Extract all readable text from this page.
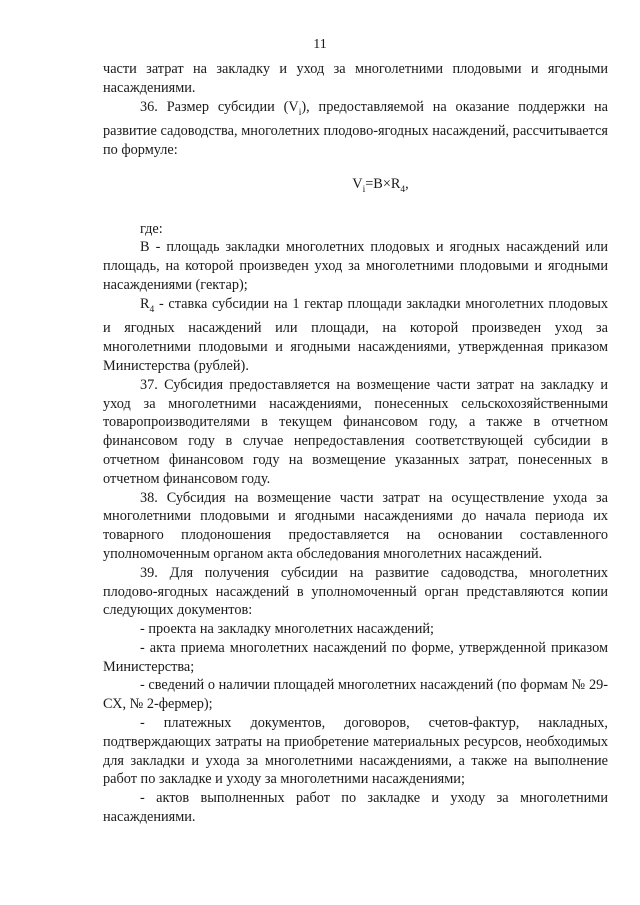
11

части затрат на закладку и уход за многолетними плодовыми и ягодными насаждениями.

36. Размер субсидии $(V_i)$, предоставляемой на оказание поддержки на развитие садоводства, многолетних плодово-ягодных насаждений, рассчитывается по формуле:

$V_i=B\times R_4$,

где:

В - площадь закладки многолетних плодовых и ягодных насаждений или площадь, на которой произведен уход за многолетними плодовыми и ягодными насаждениями (гектар);

$R_4$ - ставка субсидии на 1 гектар площади закладки многолетних плодовых и ягодных насаждений или площади, на которой произведен уход за многолетними плодовыми и ягодными насаждениями, утвержденная приказом Министерства (рублей).

37. Субсидия предоставляется на возмещение части затрат на закладку и уход за многолетними насаждениями, понесенных сельскохозяйственными товаропроизводителями в текущем финансовом году, а также в отчетном финансовом году в случае непредоставления соответствующей субсидии в отчетном финансовом году на возмещение указанных затрат, понесенных в отчетном финансовом году.

38. Субсидия на возмещение части затрат на осуществление ухода за многолетними плодовыми и ягодными насаждениями до начала периода их товарного плодоношения предоставляется на основании составленного уполномоченным органом акта обследования многолетних насаждений.

39. Для получения субсидии на развитие садоводства, многолетних плодово-ягодных насаждений в уполномоченный орган представляются копии следующих документов:

- проекта на закладку многолетних насаждений;

- акта приема многолетних насаждений по форме, утвержденной приказом Министерства;

- сведений о наличии площадей многолетних насаждений (по формам № 29-СХ, № 2-фермер);

- платежных документов, договоров, счетов-фактур, накладных, подтверждающих затраты на приобретение материальных ресурсов, необходимых для закладки и ухода за многолетними насаждениями, а также на выполнение работ по закладке и уходу за многолетними насаждениями;

- актов выполненных работ по закладке и уходу за многолетними насаждениями.
